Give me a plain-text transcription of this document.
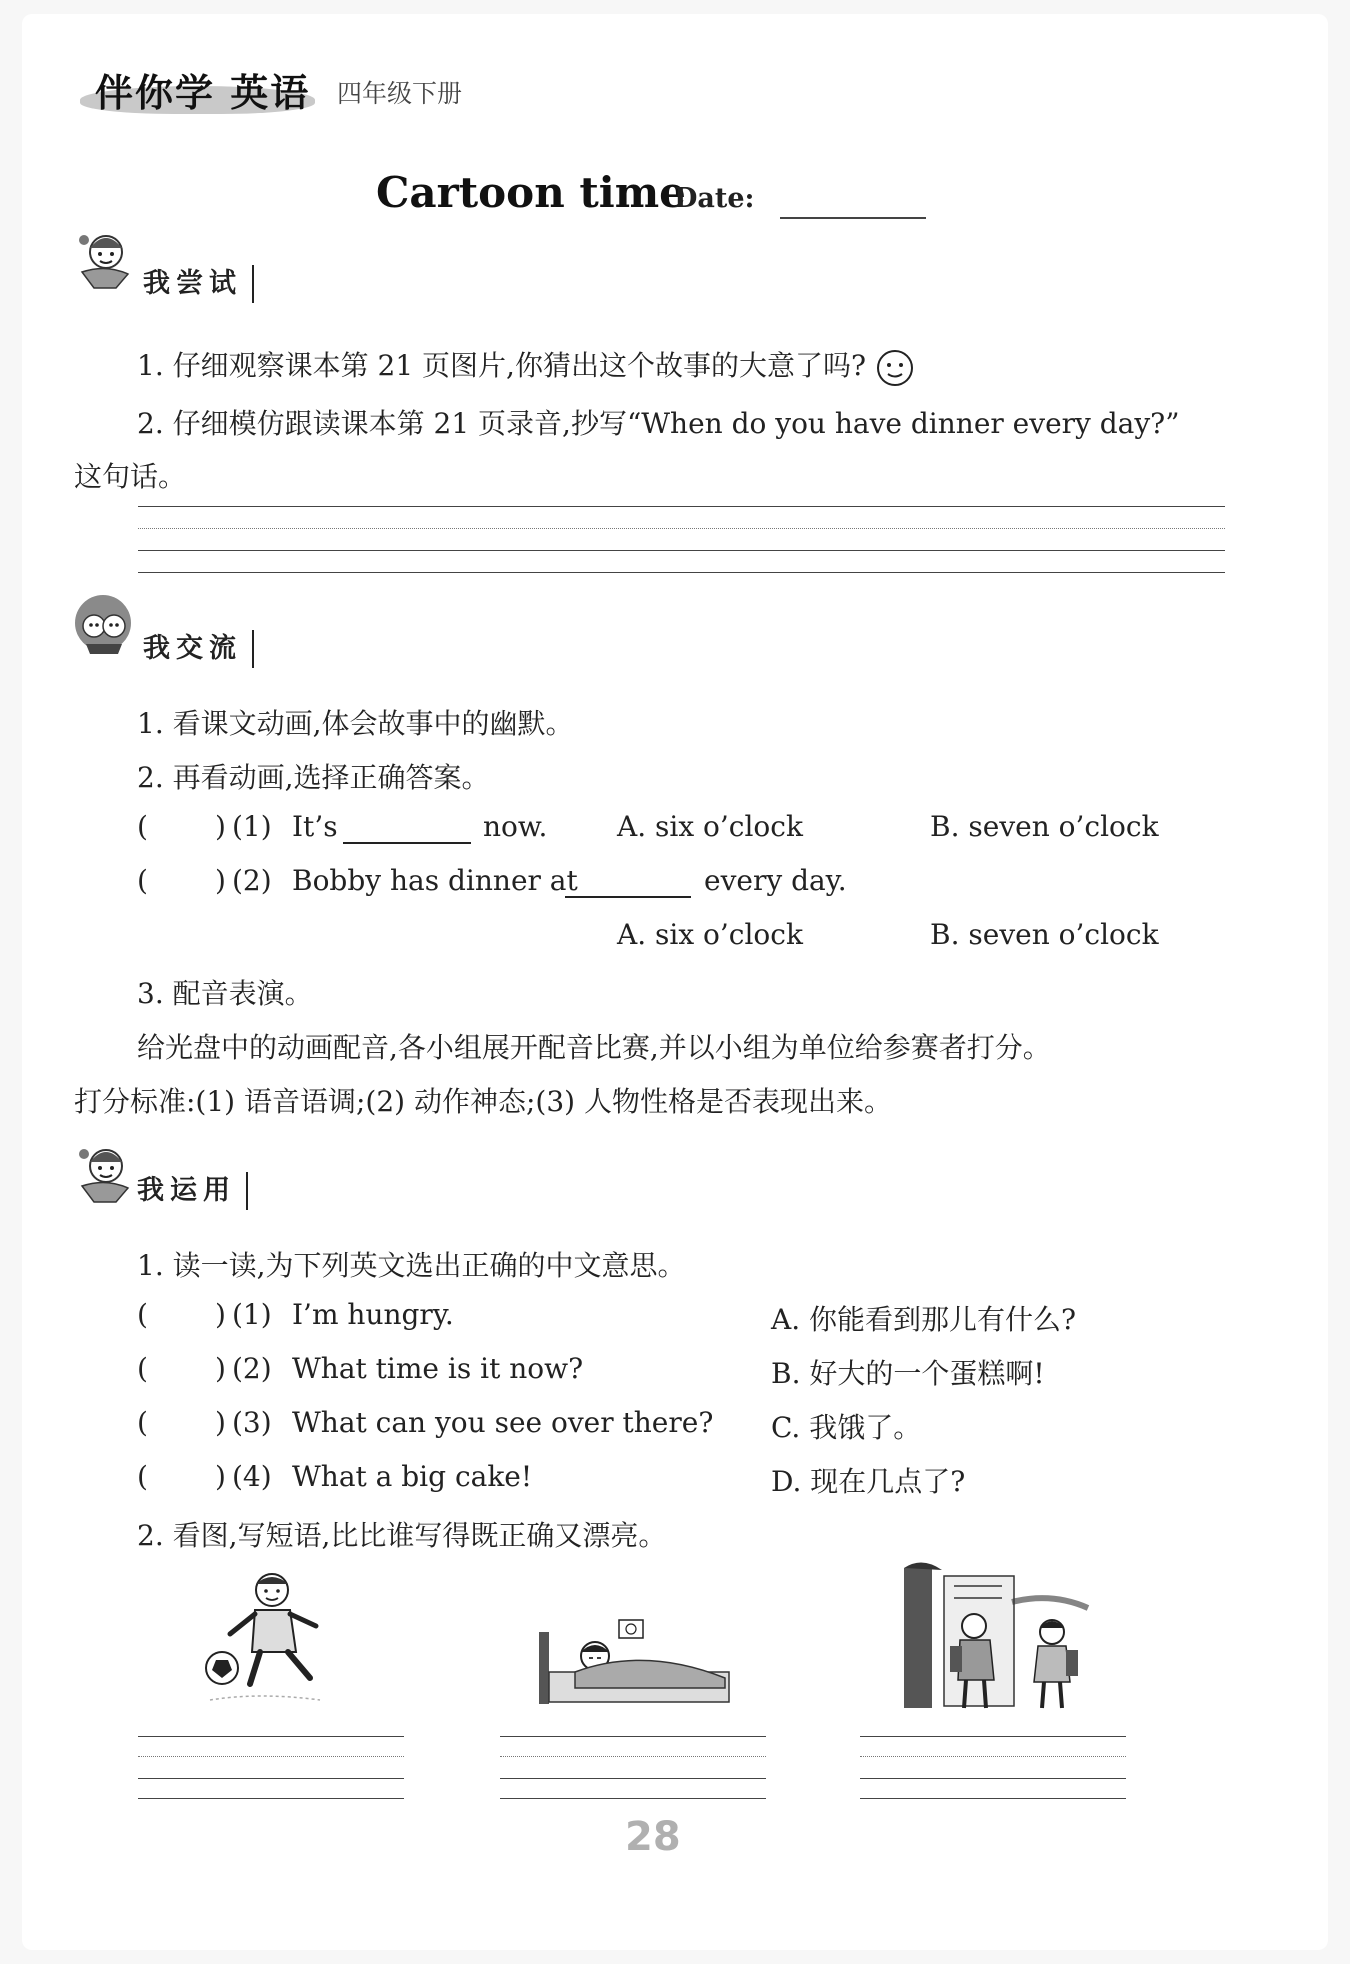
伴你学 英语 四年级下册
Cartoon time
Date:
我尝试
1. 仔细观察课本第 21 页图片,你猜出这个故事的大意了吗?
2. 仔细模仿跟读课本第 21 页录音,抄写“When do you have dinner every day?”
这句话。
我交流
1. 看课文动画,体会故事中的幽默。
2. 再看动画,选择正确答案。
( ) (1) It’s	now. A. six o’clock	B. seven o’clock
( ) (2) Bobby has dinner at	every day.
A. six o’clock	B. seven o’clock
3. 配音表演。
给光盘中的动画配音,各小组展开配音比赛,并以小组为单位给参赛者打分。
打分标准:(1) 语音语调;(2) 动作神态;(3) 人物性格是否表现出来。
我运用
1. 读一读,为下列英文选出正确的中文意思。
( ) (1) I’m hungry.	A. 你能看到那儿有什么?
( ) (2) What time is it now?	B. 好大的一个蛋糕啊!
( ) (3) What can you see over there? C. 我饿了。
( ) (4) What a big cake!	D. 现在几点了?
2. 看图,写短语,比比谁写得既正确又漂亮。
28
